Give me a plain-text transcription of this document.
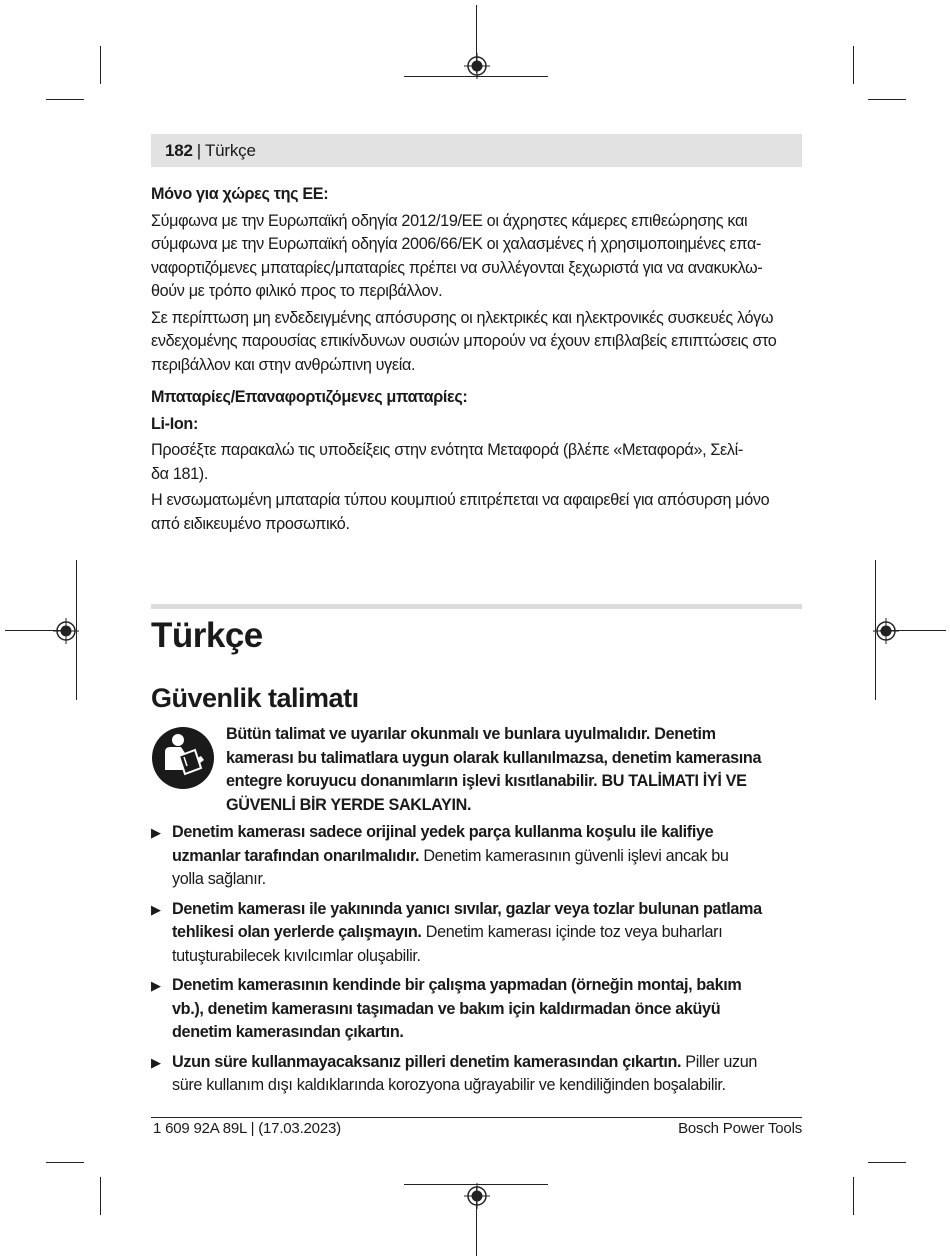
182 | Türkçe

Μόνο για χώρες της ΕΕ:

Σύμφωνα με την Ευρωπαϊκή οδηγία 2012/19/ΕΕ οι άχρηστες κάμερες επιθεώρησης και
σύμφωνα με την Ευρωπαϊκή οδηγία 2006/66/ΕΚ οι χαλασμένες ή χρησιμοποιημένες επα-
ναφορτιζόμενες μπαταρίες/μπαταρίες πρέπει να συλλέγονται ξεχωριστά για να ανακυκλω-
θούν με τρόπο φιλικό προς το περιβάλλον.

Σε περίπτωση μη ενδεδειγμένης απόσυρσης οι ηλεκτρικές και ηλεκτρονικές συσκευές λόγω
ενδεχομένης παρουσίας επικίνδυνων ουσιών μπορούν να έχουν επιβλαβείς επιπτώσεις στο
περιβάλλον και στην ανθρώπινη υγεία.

Μπαταρίες/Επαναφορτιζόμενες μπαταρίες:

Li-Ion:

Προσέξτε παρακαλώ τις υποδείξεις στην ενότητα Μεταφορά (βλέπε «Μεταφορά», Σελί-
δα 181).

Η ενσωματωμένη μπαταρία τύπου κουμπιού επιτρέπεται να αφαιρεθεί για απόσυρση μόνο
από ειδικευμένο προσωπικό.

Türkçe
Güvenlik talimatı
Bütün talimat ve uyarılar okunmalı ve bunlara uyulmalıdır. Denetim
kamerası bu talimatlara uygun olarak kullanılmazsa, denetim kamerasına
entegre koruyucu donanımların işlevi kısıtlanabilir. BU TALİMATI İYİ VE
GÜVENLİ BİR YERDE SAKLAYIN.
▶ Denetim kamerası sadece orijinal yedek parça kullanma koşulu ile kalifiye
uzmanlar tarafından onarılmalıdır. Denetim kamerasının güvenli işlevi ancak bu
yolla sağlanır.
▶ Denetim kamerası ile yakınında yanıcı sıvılar, gazlar veya tozlar bulunan patlama
tehlikesi olan yerlerde çalışmayın. Denetim kamerası içinde toz veya buharları
tutuşturabilecek kıvılcımlar oluşabilir.
▶ Denetim kamerasının kendinde bir çalışma yapmadan (örneğin montaj, bakım
vb.), denetim kamerasını taşımadan ve bakım için kaldırmadan önce aküyü
denetim kamerasından çıkartın.
▶ Uzun süre kullanmayacaksanız pilleri denetim kamerasından çıkartın. Piller uzun
süre kullanım dışı kaldıklarında korozyona uğrayabilir ve kendiliğinden boşalabilir.
1 609 92A 89L | (17.03.2023)	Bosch Power Tools
